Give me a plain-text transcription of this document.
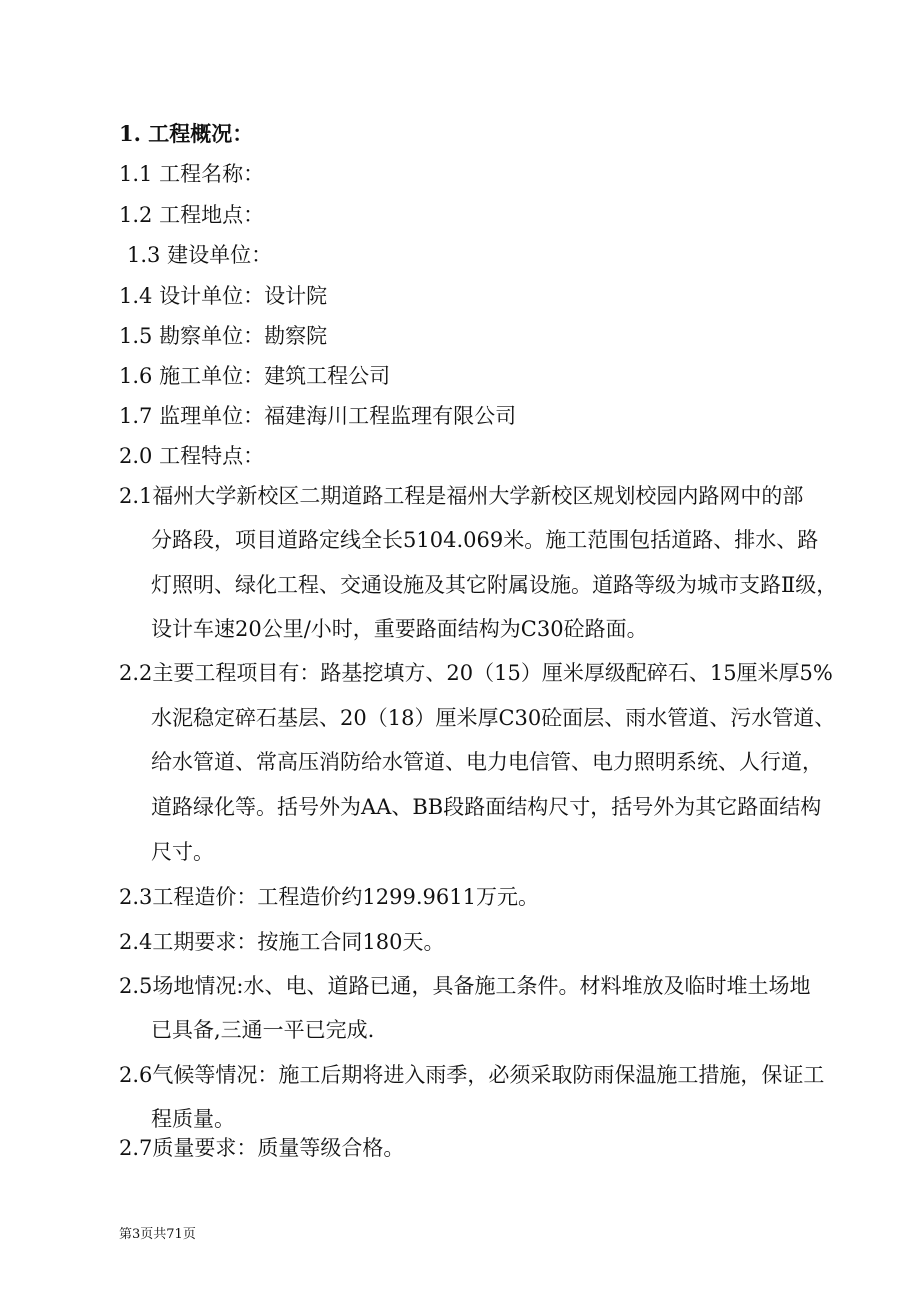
1. 工程概况：
1.1 工程名称：
1.2 工程地点：
1.3 建设单位：
1.4 设计单位：设计院
1.5 勘察单位：勘察院
1.6 施工单位：建筑工程公司
1.7 监理单位：福建海川工程监理有限公司
2.0 工程特点：
2.1福州大学新校区二期道路工程是福州大学新校区规划校园内路网中的部
分路段，项目道路定线全长5104.069米。施工范围包括道路、排水、路
灯照明、绿化工程、交通设施及其它附属设施。道路等级为城市支路Ⅱ级，
设计车速20公里/小时，重要路面结构为C30砼路面。
2.2主要工程项目有：路基挖填方、20（15）厘米厚级配碎石、15厘米厚5%
水泥稳定碎石基层、20（18）厘米厚C30砼面层、雨水管道、污水管道、
给水管道、常高压消防给水管道、电力电信管、电力照明系统、人行道，
道路绿化等。括号外为AA、BB段路面结构尺寸，括号外为其它路面结构
尺寸。
2.3工程造价：工程造价约1299.9611万元。
2.4工期要求：按施工合同180天。
2.5场地情况:水、电、道路已通，具备施工条件。材料堆放及临时堆土场地
已具备,三通一平已完成.
2.6气候等情况：施工后期将进入雨季，必须采取防雨保温施工措施，保证工
程质量。
2.7质量要求：质量等级合格。
第3页共71页
